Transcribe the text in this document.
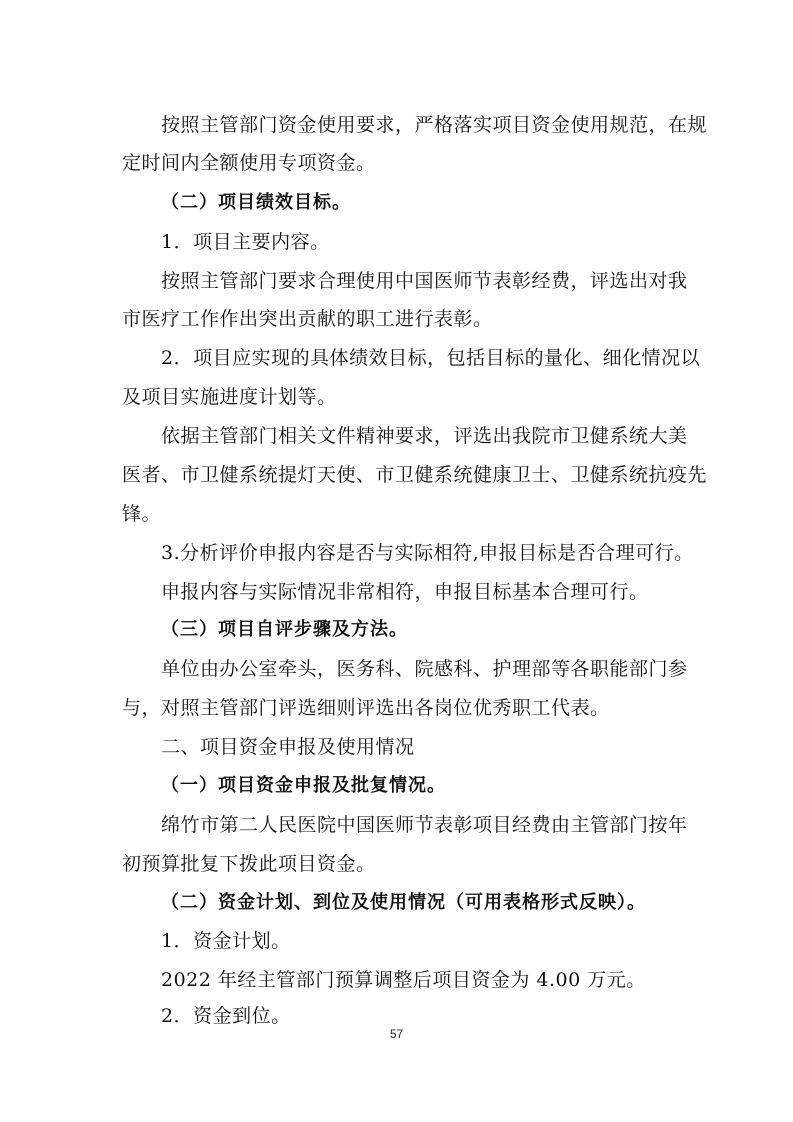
按照主管部门资金使用要求，严格落实项目资金使用规范，在规
定时间内全额使用专项资金。
（二）项目绩效目标。
1．项目主要内容。
按照主管部门要求合理使用中国医师节表彰经费，评选出对我
市医疗工作作出突出贡献的职工进行表彰。
2．项目应实现的具体绩效目标，包括目标的量化、细化情况以
及项目实施进度计划等。
依据主管部门相关文件精神要求，评选出我院市卫健系统大美
医者、市卫健系统提灯天使、市卫健系统健康卫士、卫健系统抗疫先
锋。
3.分析评价申报内容是否与实际相符,申报目标是否合理可行。
申报内容与实际情况非常相符，申报目标基本合理可行。
（三）项目自评步骤及方法。
单位由办公室牵头，医务科、院感科、护理部等各职能部门参
与，对照主管部门评选细则评选出各岗位优秀职工代表。
二、项目资金申报及使用情况
（一）项目资金申报及批复情况。
绵竹市第二人民医院中国医师节表彰项目经费由主管部门按年
初预算批复下拨此项目资金。
（二）资金计划、到位及使用情况（可用表格形式反映）。
1．资金计划。
2022 年经主管部门预算调整后项目资金为 4.00 万元。
2．资金到位。
57
